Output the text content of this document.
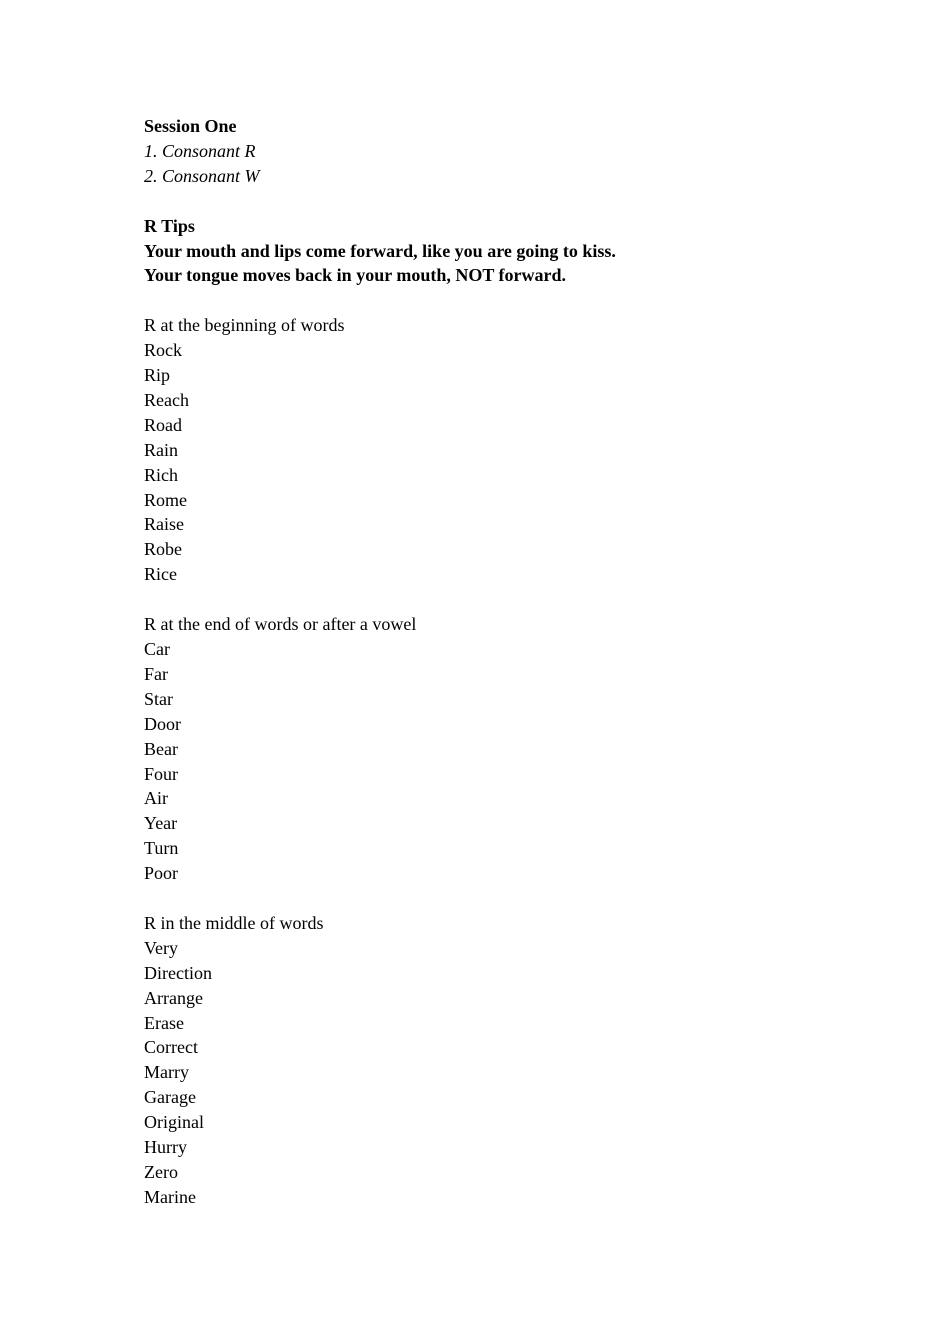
Session One
1. Consonant R
2. Consonant W
R Tips
Your mouth and lips come forward, like you are going to kiss.
Your tongue moves back in your mouth, NOT forward.
R at the beginning of words
Rock
Rip
Reach
Road
Rain
Rich
Rome
Raise
Robe
Rice
R at the end of words or after a vowel
Car
Far
Star
Door
Bear
Four
Air
Year
Turn
Poor
R in the middle of words
Very
Direction
Arrange
Erase
Correct
Marry
Garage
Original
Hurry
Zero
Marine
